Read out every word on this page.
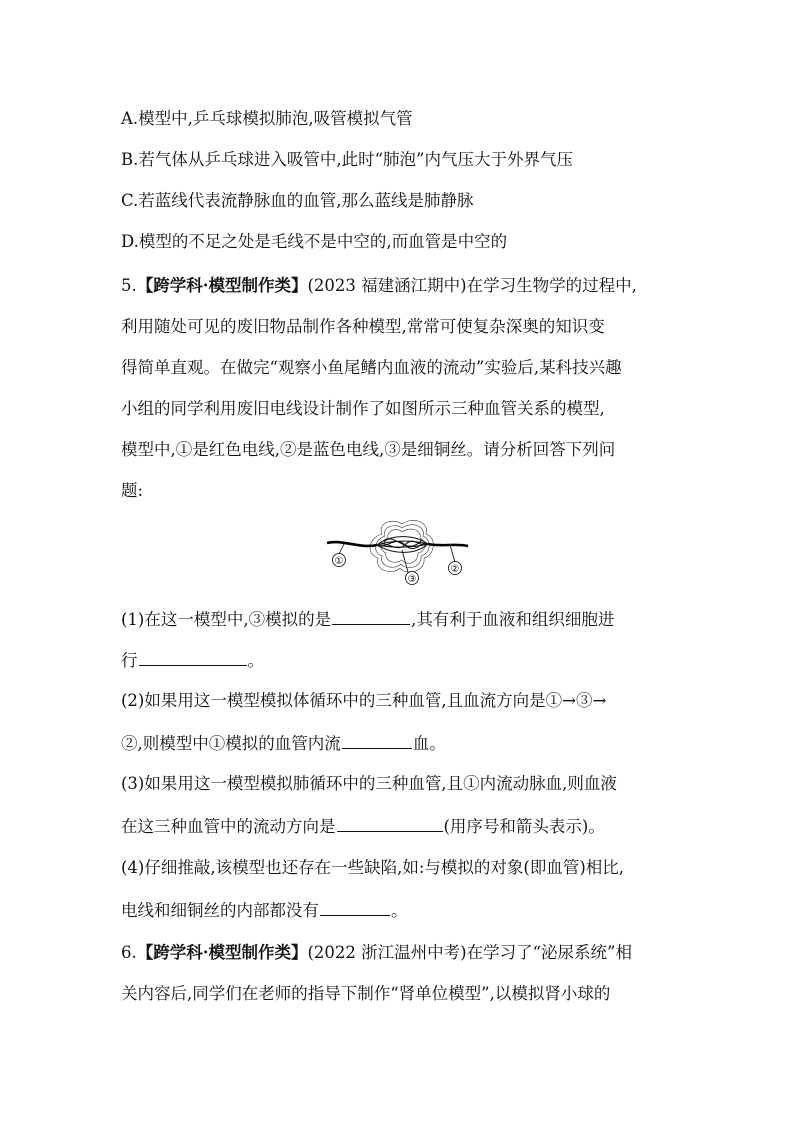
A.模型中,乒乓球模拟肺泡,吸管模拟气管
B.若气体从乒乓球进入吸管中,此时“肺泡”内气压大于外界气压
C.若蓝线代表流静脉血的血管,那么蓝线是肺静脉
D.模型的不足之处是毛线不是中空的,而血管是中空的
5.【跨学科·模型制作类】(2023 福建涵江期中)在学习生物学的过程中,
利用随处可见的废旧物品制作各种模型,常常可使复杂深奥的知识变
得简单直观。在做完“观察小鱼尾鳍内血液的流动”实验后,某科技兴趣
小组的同学利用废旧电线设计制作了如图所示三种血管关系的模型,
模型中,①是红色电线,②是蓝色电线,③是细铜丝。请分析回答下列问
题:
①
②
③
(1)在这一模型中,③模拟的是	,其有利于血液和组织细胞进
行	。
(2)如果用这一模型模拟体循环中的三种血管,且血流方向是①→③→
②,则模型中①模拟的血管内流	血。
(3)如果用这一模型模拟肺循环中的三种血管,且①内流动脉血,则血液
在这三种血管中的流动方向是	(用序号和箭头表示)。
(4)仔细推敲,该模型也还存在一些缺陷,如:与模拟的对象(即血管)相比,
电线和细铜丝的内部都没有	。
6.【跨学科·模型制作类】(2022 浙江温州中考)在学习了“泌尿系统”相
关内容后,同学们在老师的指导下制作“肾单位模型”,以模拟肾小球的
